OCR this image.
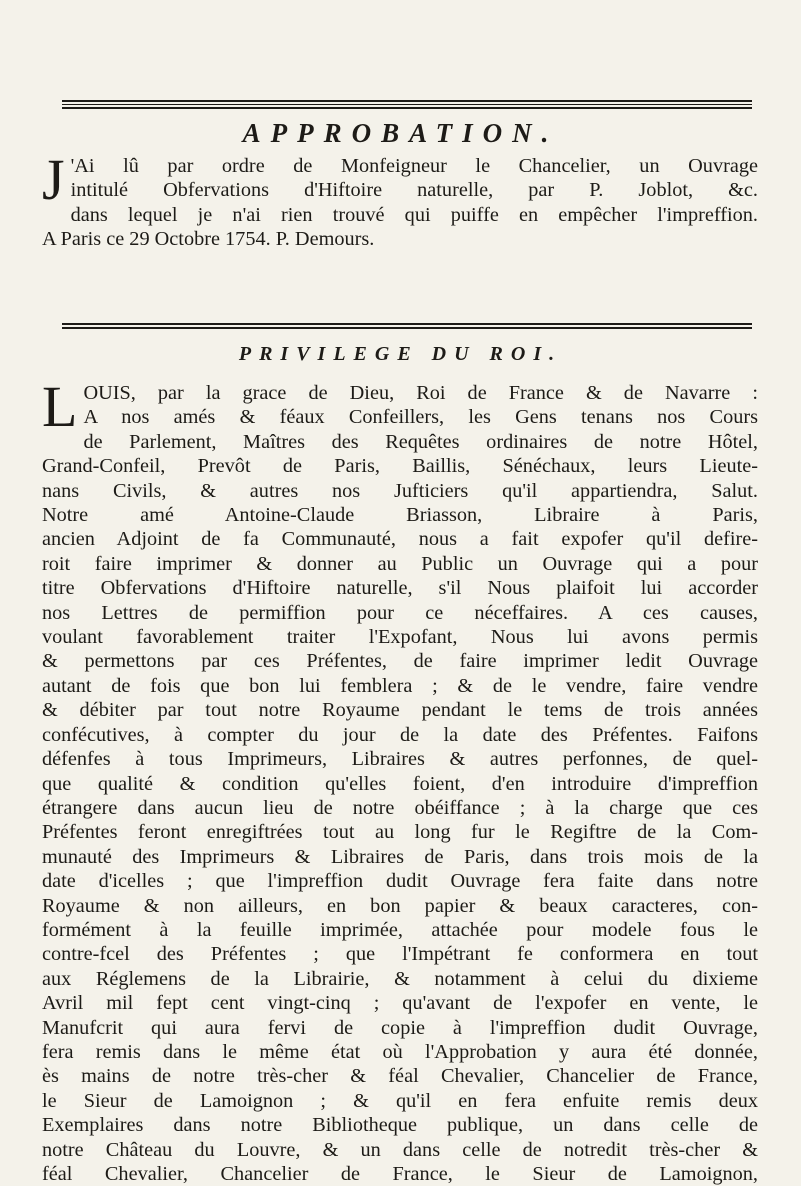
APPROBATION.
J 'Ai lû par ordre de Monfeigneur le Chancelier, un Ouvrage
intitulé Obfervations d'Hiftoire naturelle, par P. Joblot, &c.
dans lequel je n'ai rien trouvé qui puiffe en empêcher l'impreffion.
A Paris ce 29 Octobre 1754. P. Demours.
PRIVILEGE DU ROI.
L OUIS, par la grace de Dieu, Roi de France & de Navarre :
A nos amés & féaux Confeillers, les Gens tenans nos Cours
de Parlement, Maîtres des Requêtes ordinaires de notre Hôtel,
Grand-Confeil, Prevôt de Paris, Baillis, Sénéchaux, leurs Lieute-
nans Civils, & autres nos Jufticiers qu'il appartiendra, Salut.
Notre amé Antoine-Claude Briasson, Libraire à Paris,
ancien Adjoint de fa Communauté, nous a fait expofer qu'il defire-
roit faire imprimer & donner au Public un Ouvrage qui a pour
titre Obfervations d'Hiftoire naturelle, s'il Nous plaifoit lui accorder
nos Lettres de permiffion pour ce néceffaires. A ces causes,
voulant favorablement traiter l'Expofant, Nous lui avons permis
& permettons par ces Préfentes, de faire imprimer ledit Ouvrage
autant de fois que bon lui femblera ; & de le vendre, faire vendre
& débiter par tout notre Royaume pendant le tems de trois années
conféсutives, à compter du jour de la date des Préfentes. Faifons
défenfes à tous Imprimeurs, Libraires & autres perfonnes, de quel-
que qualité & condition qu'elles foient, d'en introduire d'impreffion
étrangere dans aucun lieu de notre obéiffance ; à la charge que ces
Préfentes feront enregiftrées tout au long fur le Regiftre de la Com-
munauté des Imprimeurs & Libraires de Paris, dans trois mois de la
date d'icelles ; que l'impreffion dudit Ouvrage fera faite dans notre
Royaume & non ailleurs, en bon papier & beaux caracteres, con-
formément à la feuille imprimée, attachée pour modele fous le
contre-fcel des Préfentes ; que l'Impétrant fe conformera en tout
aux Réglemens de la Librairie, & notamment à celui du dixieme
Avril mil fept cent vingt-cinq ; qu'avant de l'expofer en vente, le
Manufcrit qui aura fervi de copie à l'impreffion dudit Ouvrage,
fera remis dans le même état où l'Approbation y aura été donnée,
ès mains de notre très-cher & féal Chevalier, Chancelier de France,
le Sieur de Lamoignon ; & qu'il en fera enfuite remis deux
Exemplaires dans notre Bibliotheque publique, un dans celle de
notre Château du Louvre, & un dans celle de notredit très-cher &
féal Chevalier, Chancelier de France, le Sieur de Lamoignon,
